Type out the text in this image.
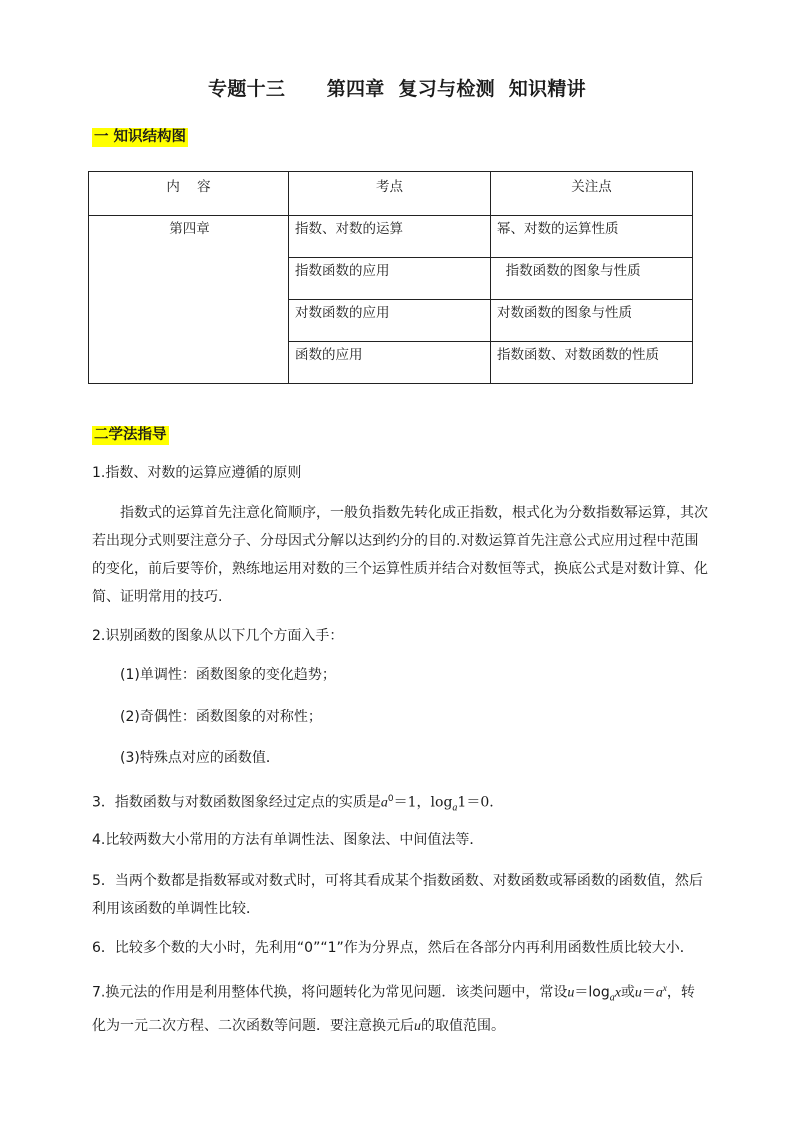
专题十三      第四章  复习与检测  知识精讲
一 知识结构图
内    容	考点	关注点
第四章	指数、对数的运算	幂、对数的运算性质
	指数函数的应用	指数函数的图象与性质
	对数函数的应用	对数函数的图象与性质
	函数的应用	指数函数、对数函数的性质
二学法指导
1.指数、对数的运算应遵循的原则
指数式的运算首先注意化简顺序，一般负指数先转化成正指数，根式化为分数指数幂运算，其次若出现分式则要注意分子、分母因式分解以达到约分的目的.对数运算首先注意公式应用过程中范围的变化，前后要等价，熟练地运用对数的三个运算性质并结合对数恒等式，换底公式是对数计算、化简、证明常用的技巧.
2.识别函数的图象从以下几个方面入手：
(1)单调性：函数图象的变化趋势；
(2)奇偶性：函数图象的对称性；
(3)特殊点对应的函数值．
3．指数函数与对数函数图象经过定点的实质是$a^0=1$，$\log_a1=0$.
4.比较两数大小常用的方法有单调性法、图象法、中间值法等．
5．当两个数都是指数幂或对数式时，可将其看成某个指数函数、对数函数或幂函数的函数值，然后利用该函数的单调性比较．
6．比较多个数的大小时，先利用“0”“1”作为分界点，然后在各部分内再利用函数性质比较大小．
7.换元法的作用是利用整体代换，将问题转化为常见问题．该类问题中，常设$u=\log_ax$或$u=a^x$，转化为一元二次方程、二次函数等问题．要注意换元后u的取值范围。
